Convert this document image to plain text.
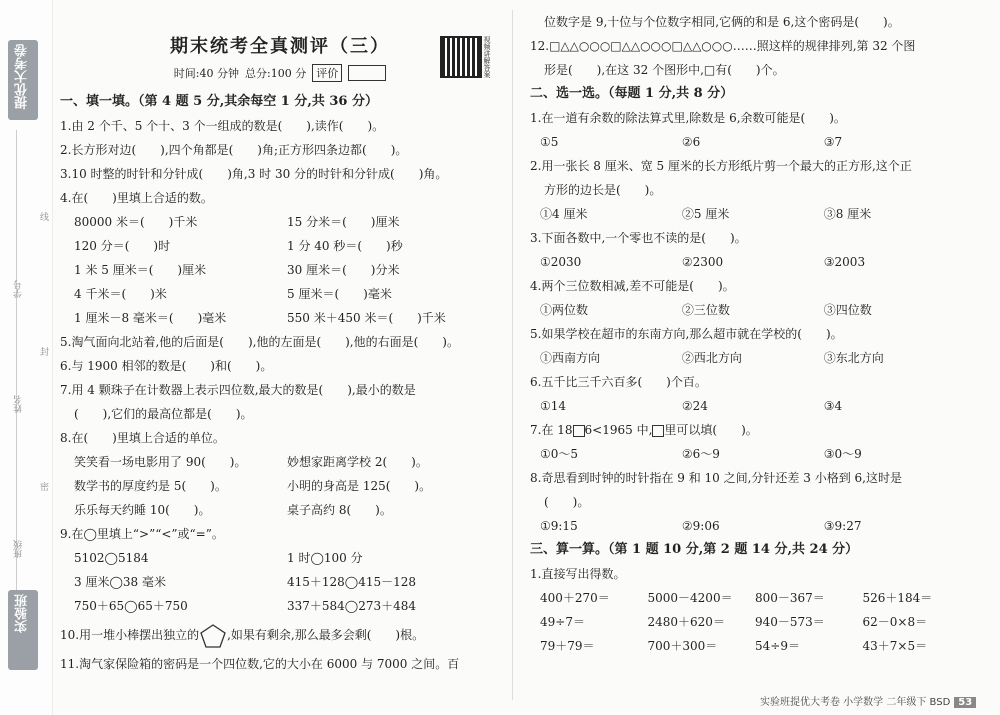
提优大考卷
线
学号
封
姓名
密
班级
实验班
期末统考全真测评（三）	视频讲解答案
时间:40 分钟 总分:100 分 评价
一、填一填。（第 4 题 5 分,其余每空 1 分,共 36 分）
1.由 2 个千、5 个十、3 个一组成的数是(　　),读作(　　)。
2.长方形对边(　　),四个角都是(　　)角;正方形四条边都(　　)。
3.10 时整的时针和分针成(　　)角,3 时 30 分的时针和分针成(　　)角。
4.在(　　)里填上合适的数。
80000 米＝(　　)千米	15 分米＝(　　)厘米
120 分＝(　　)时	1 分 40 秒＝(　　)秒
1 米 5 厘米＝(　　)厘米	30 厘米＝(　　)分米
4 千米＝(　　)米	5 厘米＝(　　)毫米
1 厘米－8 毫米＝(　　)毫米	550 米＋450 米＝(　　)千米
5.淘气面向北站着,他的后面是(　　),他的左面是(　　),他的右面是(　　)。
6.与 1900 相邻的数是(　　)和(　　)。
7.用 4 颗珠子在计数器上表示四位数,最大的数是(　　),最小的数是
(　　),它们的最高位都是(　　)。
8.在(　　)里填上合适的单位。
笑笑看一场电影用了 90(　　)。	妙想家距离学校 2(　　)。
数学书的厚度约是 5(　　)。	小明的身高是 125(　　)。
乐乐每天约睡 10(　　)。	桌子高约 8(　　)。
9.在◯里填上“>”“<”或“=”。
5102◯5184	1 时◯100 分
3 厘米◯38 毫米	415＋128◯415－128
750＋65◯65＋750	337＋584◯273＋484
10.用一堆小棒摆出独立的 ,如果有剩余,那么最多会剩(　　)根。
11.淘气家保险箱的密码是一个四位数,它的大小在 6000 与 7000 之间。百
位数字是 9,十位与个位数字相同,它俩的和是 6,这个密码是(　　)。
12.□△△○○○□△△○○○□△△○○○……照这样的规律排列,第 32 个图
形是(　　),在这 32 个图形中,□有(　　)个。
二、选一选。（每题 1 分,共 8 分）
1.在一道有余数的除法算式里,除数是 6,余数可能是(　　)。
①5	②6	③7
2.用一张长 8 厘米、宽 5 厘米的长方形纸片剪一个最大的正方形,这个正
方形的边长是(　　)。
①4 厘米	②5 厘米	③8 厘米
3.下面各数中,一个零也不读的是(　　)。
①2030	②2300	③2003
4.两个三位数相减,差不可能是(　　)。
①两位数	②三位数	③四位数
5.如果学校在超市的东南方向,那么超市就在学校的(　　)。
①西南方向	②西北方向	③东北方向
6.五千比三千六百多(　　)个百。
①14	②24	③4
7.在 18 6<1965 中, 里可以填(　　)。
①0～5	②6～9	③0～9
8.奇思看到时钟的时针指在 9 和 10 之间,分针还差 3 小格到 6,这时是
(　　)。
①9:15	②9:06	③9:27
三、算一算。（第 1 题 10 分,第 2 题 14 分,共 24 分）
1.直接写出得数。
400＋270＝	5000－4200＝	800－367＝	526＋184＝
49÷7＝	2480＋620＝	940－573＝	62－0×8＝
79＋79＝	700＋300＝	54÷9＝	43＋7×5＝
实验班提优大考卷 小学数学 二年级下 BSD 53
